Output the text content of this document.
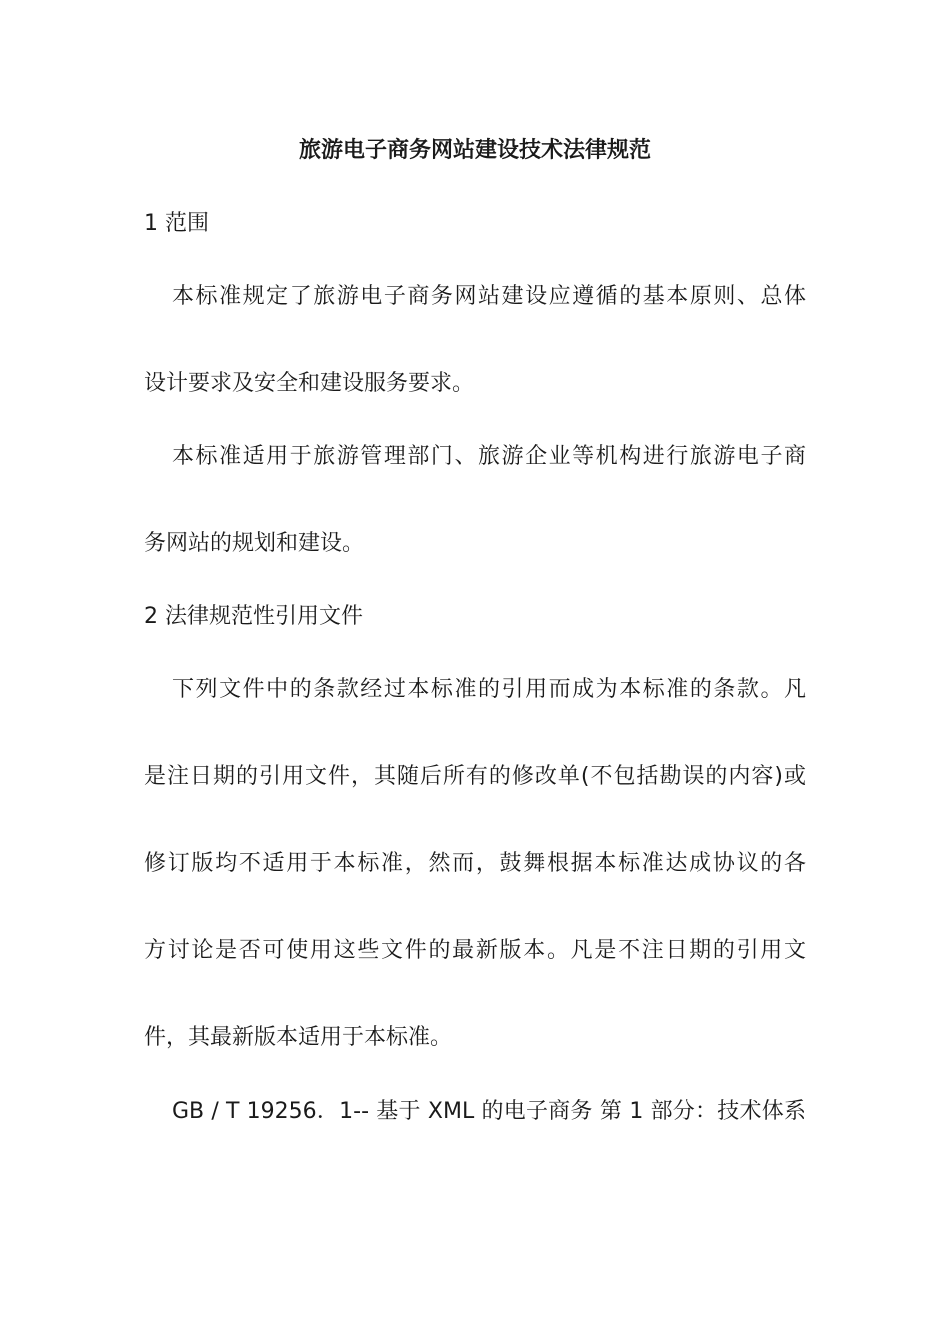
旅游电子商务网站建设技术法律规范
1 范围
本标准规定了旅游电子商务网站建设应遵循的基本原则、总体
设计要求及安全和建设服务要求。
本标准适用于旅游管理部门、旅游企业等机构进行旅游电子商
务网站的规划和建设。
2 法律规范性引用文件
下列文件中的条款经过本标准的引用而成为本标准的条款。凡
是注日期的引用文件，其随后所有的修改单(不包括勘误的内容)或
修订版均不适用于本标准，然而，鼓舞根据本标准达成协议的各
方讨论是否可使用这些文件的最新版本。凡是不注日期的引用文
件，其最新版本适用于本标准。
GB / T 19256．1-- 基于 XML 的电子商务 第 1 部分：技术体系
